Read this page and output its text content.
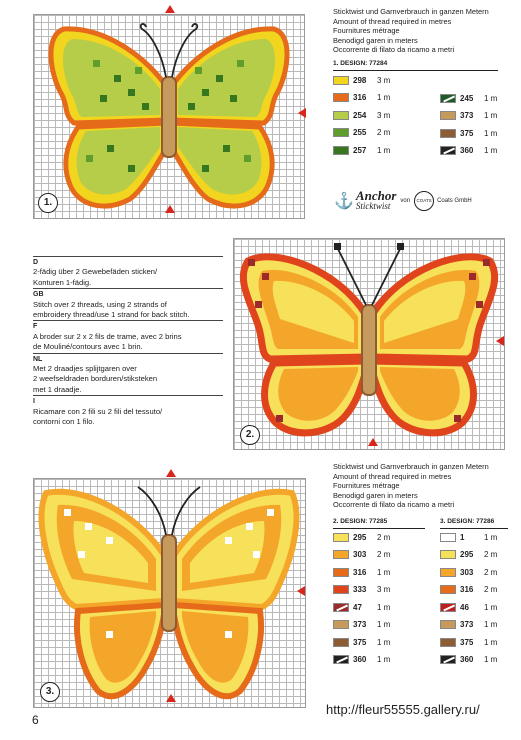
1.
Sticktwist und Garnverbrauch in ganzen Metern
Amount of thread required in metres
Fournitures métrage
Benodigd garen in meters
Occorrente di filato da ricamo a metri
1. DESIGN: 77284
298	3 m
316	1 m
254	3 m
255	2 m
257	1 m
245	1 m
373	1 m
375	1 m
360	1 m
⚓ Anchor
Sticktwist	von	COATS Coats GmbH
D
2-fädig über 2 Gewebefäden sticken/
Konturen 1-fädig.
GB
Stitch over 2 threads, using 2 strands of
embroidery thread/use 1 strand for back stitch.
F
A broder sur 2 x 2 fils de trame, avec 2 brins
de Mouliné/contours avec 1 brin.
NL
Met 2 draadjes splijtgaren over
2 weefseldraden borduren/stiksteken
met 1 draadje.
I
Ricamare con 2 fili su 2 fili del tessuto/
contorni con 1 filo.
2.
3.
Sticktwist und Garnverbrauch in ganzen Metern
Amount of thread required in metres
Fournitures métrage
Benodigd garen in meters
Occorrente di filato da ricamo a metri
2. DESIGN: 77285	3. DESIGN: 77286
295	2 m
303	2 m
316	1 m
333	3 m
47	1 m
373	1 m
375	1 m
360	1 m
1	1 m
295	2 m
303	2 m
316	2 m
46	1 m
373	1 m
375	1 m
360	1 m
http://fleur55555.gallery.ru/
6
